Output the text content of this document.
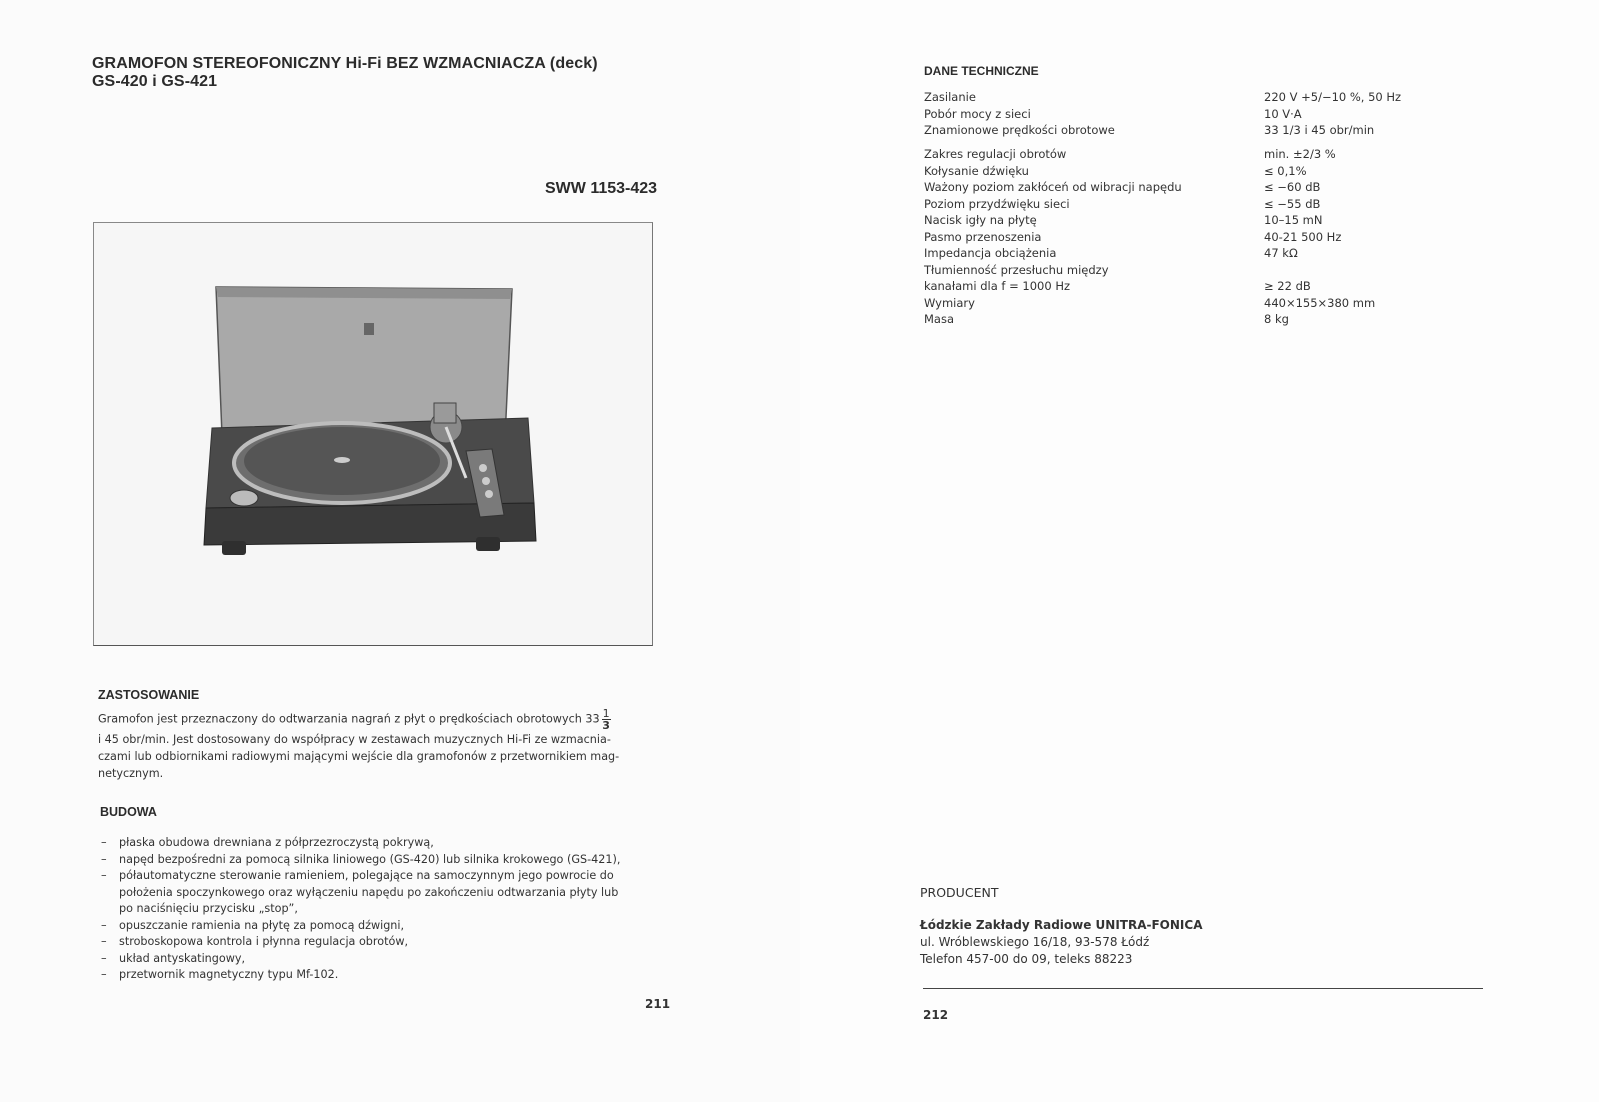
GRAMOFON STEREOFONICZNY Hi-Fi BEZ WZMACNIACZA (deck)
GS-420 i GS-421
SWW 1153-423
ZASTOSOWANIE
Gramofon jest przeznaczony do odtwarzania nagrań z płyt o prędkościach obrotowych $33 \frac{1}{3}$
i 45 obr/min. Jest dostosowany do współpracy w zestawach muzycznych Hi-Fi ze wzmacnia-
czami lub odbiornikami radiowymi mającymi wejście dla gramofonów z przetwornikiem mag-
netycznym.
BUDOWA
– płaska obudowa drewniana z półprzezroczystą pokrywą,
– napęd bezpośredni za pomocą silnika liniowego (GS-420) lub silnika krokowego (GS-421),
– półautomatyczne sterowanie ramieniem, polegające na samoczynnym jego powrocie do
położenia spoczynkowego oraz wyłączeniu napędu po zakończeniu odtwarzania płyty lub
po naciśnięciu przycisku „stop”,
– opuszczanie ramienia na płytę za pomocą dźwigni,
– stroboskopowa kontrola i płynna regulacja obrotów,
– układ antyskatingowy,
– przetwornik magnetyczny typu Mf-102.
211
DANE TECHNICZNE
Zasilanie	220 V +5/−10 %, 50 Hz
Pobór mocy z sieci	10 V·A
Znamionowe prędkości obrotowe	33 1/3 i 45 obr/min
Zakres regulacji obrotów	min. ±2/3 %
Kołysanie dźwięku	≤ 0,1%
Ważony poziom zakłóceń od wibracji napędu	≤ −60 dB
Poziom przydźwięku sieci	≤ −55 dB
Nacisk igły na płytę	10–15 mN
Pasmo przenoszenia	40-21 500 Hz
Impedancja obciążenia	47 kΩ
Tłumienność przesłuchu między	
kanałami dla f = 1000 Hz	≥ 22 dB
Wymiary	440×155×380 mm
Masa	8 kg
PRODUCENT
Łódzkie Zakłady Radiowe UNITRA-FONICA
ul. Wróblewskiego 16/18, 93-578 Łódź
Telefon 457-00 do 09, teleks 88223
212
